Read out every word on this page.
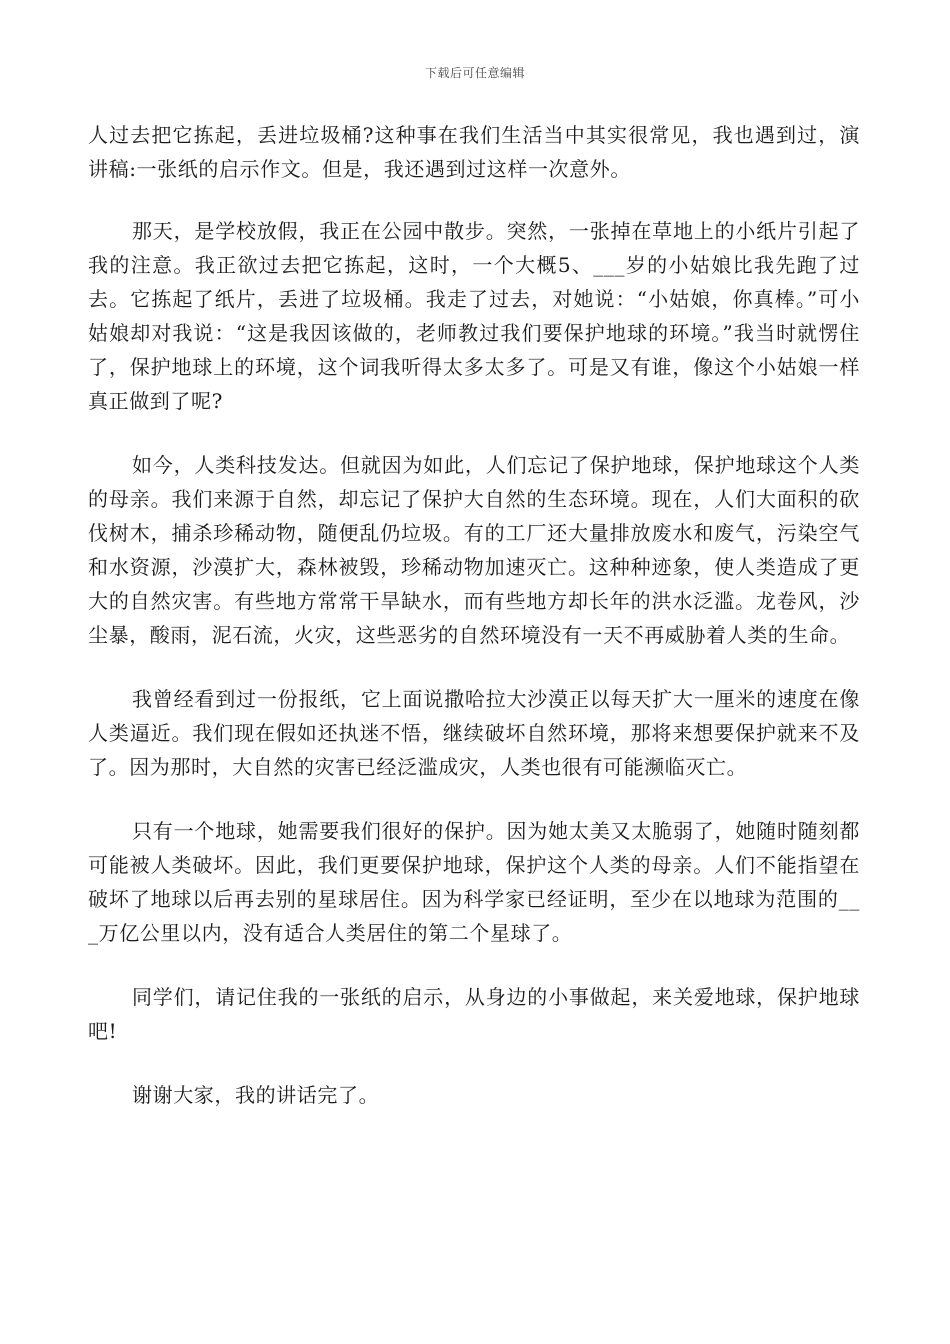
下载后可任意编辑

人过去把它拣起，丢进垃圾桶?这种事在我们生活当中其实很常见，我也遇到过，演讲稿:一张纸的启示作文。但是，我还遇到过这样一次意外。

那天，是学校放假，我正在公园中散步。突然，一张掉在草地上的小纸片引起了我的注意。我正欲过去把它拣起，这时，一个大概5、___岁的小姑娘比我先跑了过去。它拣起了纸片，丢进了垃圾桶。我走了过去，对她说：“小姑娘，你真棒。”可小姑娘却对我说：“这是我因该做的，老师教过我们要保护地球的环境。”我当时就愣住了，保护地球上的环境，这个词我听得太多太多了。可是又有谁，像这个小姑娘一样真正做到了呢?

如今，人类科技发达。但就因为如此，人们忘记了保护地球，保护地球这个人类的母亲。我们来源于自然，却忘记了保护大自然的生态环境。现在，人们大面积的砍伐树木，捕杀珍稀动物，随便乱仍垃圾。有的工厂还大量排放废水和废气，污染空气和水资源，沙漠扩大，森林被毁，珍稀动物加速灭亡。这种种迹象，使人类造成了更大的自然灾害。有些地方常常干旱缺水，而有些地方却长年的洪水泛滥。龙卷风，沙尘暴，酸雨，泥石流，火灾，这些恶劣的自然环境没有一天不再威胁着人类的生命。

我曾经看到过一份报纸，它上面说撒哈拉大沙漠正以每天扩大一厘米的速度在像人类逼近。我们现在假如还执迷不悟，继续破坏自然环境，那将来想要保护就来不及了。因为那时，大自然的灾害已经泛滥成灾，人类也很有可能濒临灭亡。

只有一个地球，她需要我们很好的保护。因为她太美又太脆弱了，她随时随刻都可能被人类破坏。因此，我们更要保护地球，保护这个人类的母亲。人们不能指望在破坏了地球以后再去别的星球居住。因为科学家已经证明，至少在以地球为范围的___万亿公里以内，没有适合人类居住的第二个星球了。

同学们，请记住我的一张纸的启示，从身边的小事做起，来关爱地球，保护地球吧!

谢谢大家，我的讲话完了。
